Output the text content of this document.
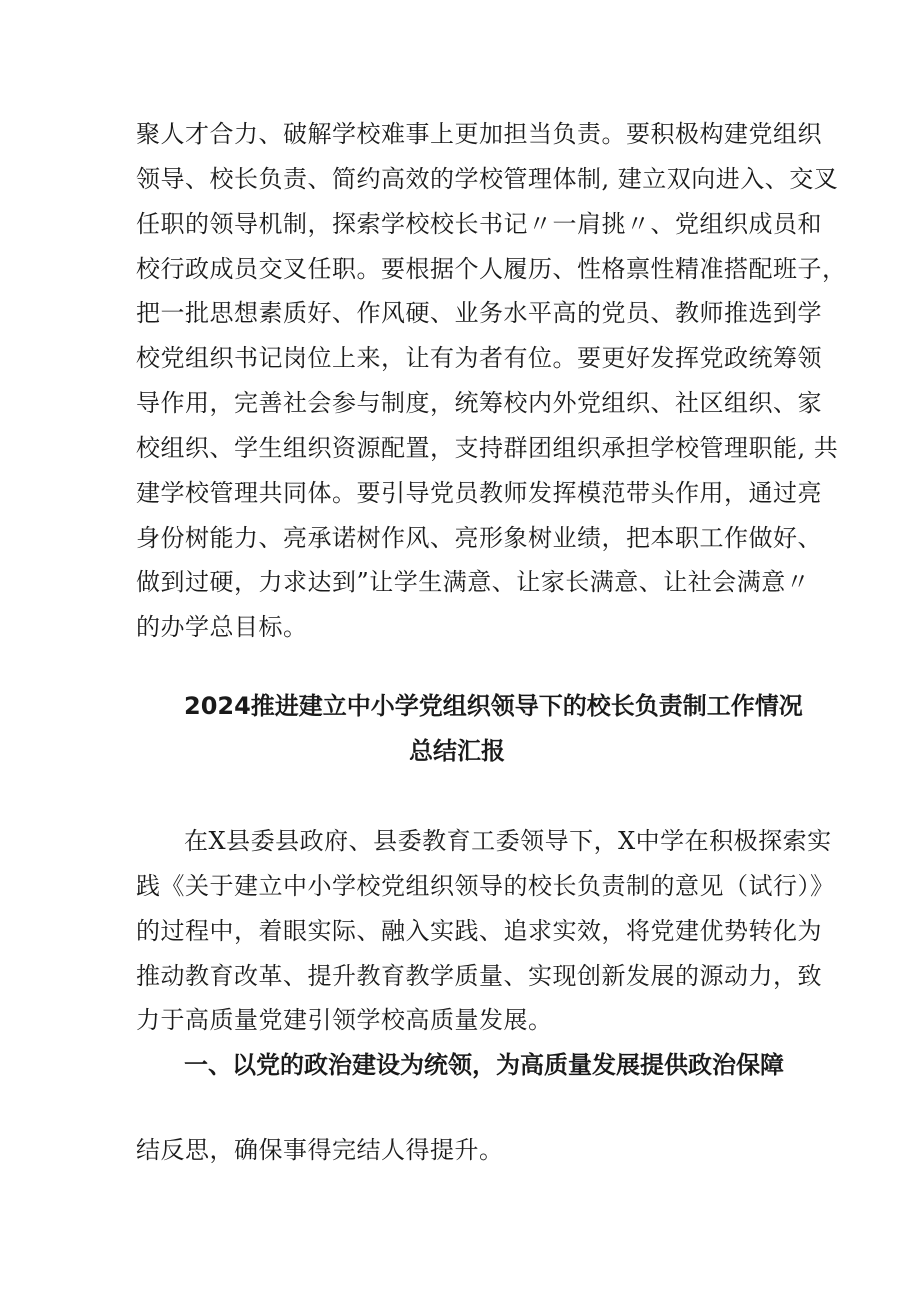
聚人才合力、破解学校难事上更加担当负责。要积极构建党组织
领导、校长负责、简约高效的学校管理体制, 建立双向进入、交叉
任职的领导机制，探索学校校长书记〃一肩挑〃、党组织成员和
校行政成员交叉任职。要根据个人履历、性格禀性精准搭配班子，
把一批思想素质好、作风硬、业务水平高的党员、教师推选到学
校党组织书记岗位上来，让有为者有位。要更好发挥党政统筹领
导作用，完善社会参与制度，统筹校内外党组织、社区组织、家
校组织、学生组织资源配置，支持群团组织承担学校管理职能, 共
建学校管理共同体。要引导党员教师发挥模范带头作用，通过亮
身份树能力、亮承诺树作风、亮形象树业绩，把本职工作做好、
做到过硬，力求达到”让学生满意、让家长满意、让社会满意〃
的办学总目标。
2024推进建立中小学党组织领导下的校长负责制工作情况
总结汇报
在X县委县政府、县委教育工委领导下，X中学在积极探索实
践《关于建立中小学校党组织领导的校长负责制的意见（试行）》
的过程中，着眼实际、融入实践、追求实效，将党建优势转化为
推动教育改革、提升教育教学质量、实现创新发展的源动力，致
力于高质量党建引领学校高质量发展。
一、以党的政治建设为统领，为高质量发展提供政治保障
结反思，确保事得完结人得提升。
